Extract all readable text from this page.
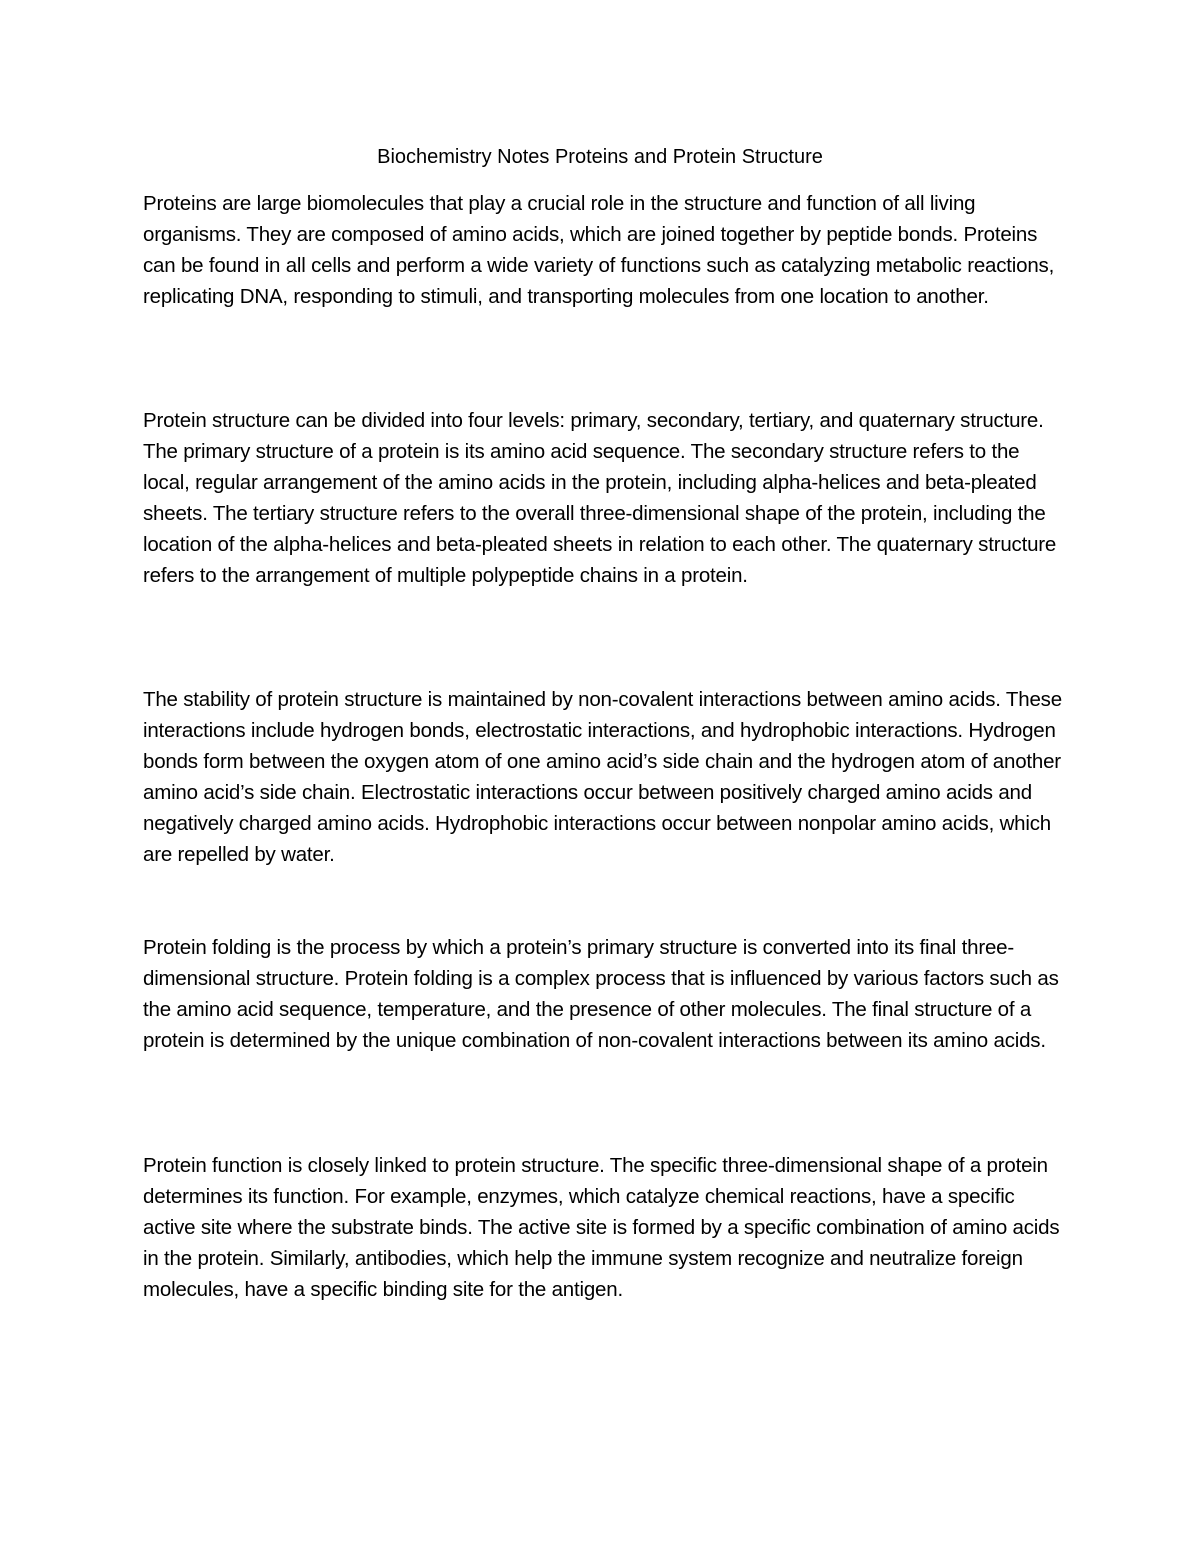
Biochemistry Notes Proteins and Protein Structure

Proteins are large biomolecules that play a crucial role in the structure and function of all living organisms. They are composed of amino acids, which are joined together by peptide bonds. Proteins can be found in all cells and perform a wide variety of functions such as catalyzing metabolic reactions, replicating DNA, responding to stimuli, and transporting molecules from one location to another.

Protein structure can be divided into four levels: primary, secondary, tertiary, and quaternary structure. The primary structure of a protein is its amino acid sequence. The secondary structure refers to the local, regular arrangement of the amino acids in the protein, including alpha-helices and beta-pleated sheets. The tertiary structure refers to the overall three-dimensional shape of the protein, including the location of the alpha-helices and beta-pleated sheets in relation to each other. The quaternary structure refers to the arrangement of multiple polypeptide chains in a protein.

The stability of protein structure is maintained by non-covalent interactions between amino acids. These interactions include hydrogen bonds, electrostatic interactions, and hydrophobic interactions. Hydrogen bonds form between the oxygen atom of one amino acid’s side chain and the hydrogen atom of another amino acid’s side chain. Electrostatic interactions occur between positively charged amino acids and negatively charged amino acids. Hydrophobic interactions occur between nonpolar amino acids, which are repelled by water.

Protein folding is the process by which a protein’s primary structure is converted into its final three-dimensional structure. Protein folding is a complex process that is influenced by various factors such as the amino acid sequence, temperature, and the presence of other molecules. The final structure of a protein is determined by the unique combination of non-covalent interactions between its amino acids.

Protein function is closely linked to protein structure. The specific three-dimensional shape of a protein determines its function. For example, enzymes, which catalyze chemical reactions, have a specific active site where the substrate binds. The active site is formed by a specific combination of amino acids in the protein. Similarly, antibodies, which help the immune system recognize and neutralize foreign molecules, have a specific binding site for the antigen.
